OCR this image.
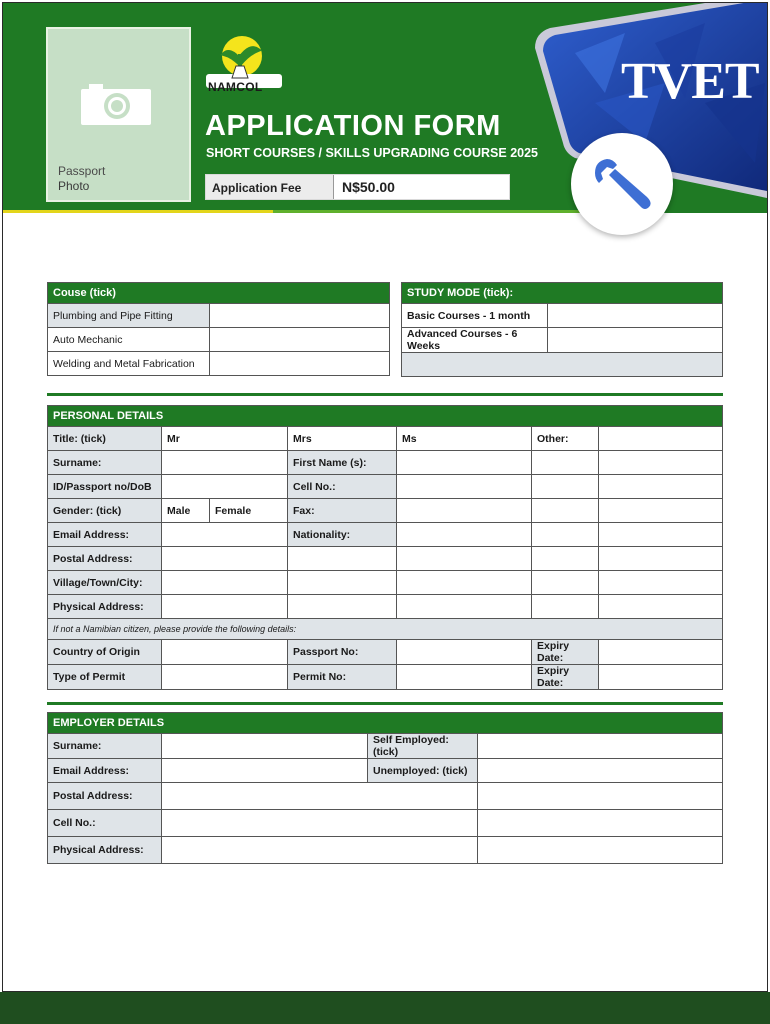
Passport
Photo
NAMCOL
APPLICATION FORM
SHORT COURSES / SKILLS UPGRADING COURSE 2025
Application Fee	N$50.00
TVET
Couse (tick)	
Plumbing and Pipe Fitting	
Auto Mechanic	
Welding and Metal Fabrication	
STUDY MODE (tick):	
Basic Courses - 1 month	
Advanced Courses - 6 Weeks	

PERSONAL DETAILS						
Title: (tick)	Mr		Mrs	Ms	Other:	
Surname:			First Name (s):			
ID/Passport no/DoB			Cell No.:			
Gender: (tick)	Male	Female	Fax:			
Email Address:			Nationality:			
Postal Address:						
Village/Town/City:						
Physical Address:						
If not a Namibian citizen, please provide the following details:						
Country of Origin			Passport No:		Expiry Date:	
Type of Permit			Permit No:		Expiry Date:	
EMPLOYER DETAILS			
Surname:		Self Employed: (tick)	
Email Address:		Unemployed: (tick)	
Postal Address:			
Cell No.:			
Physical Address:			
